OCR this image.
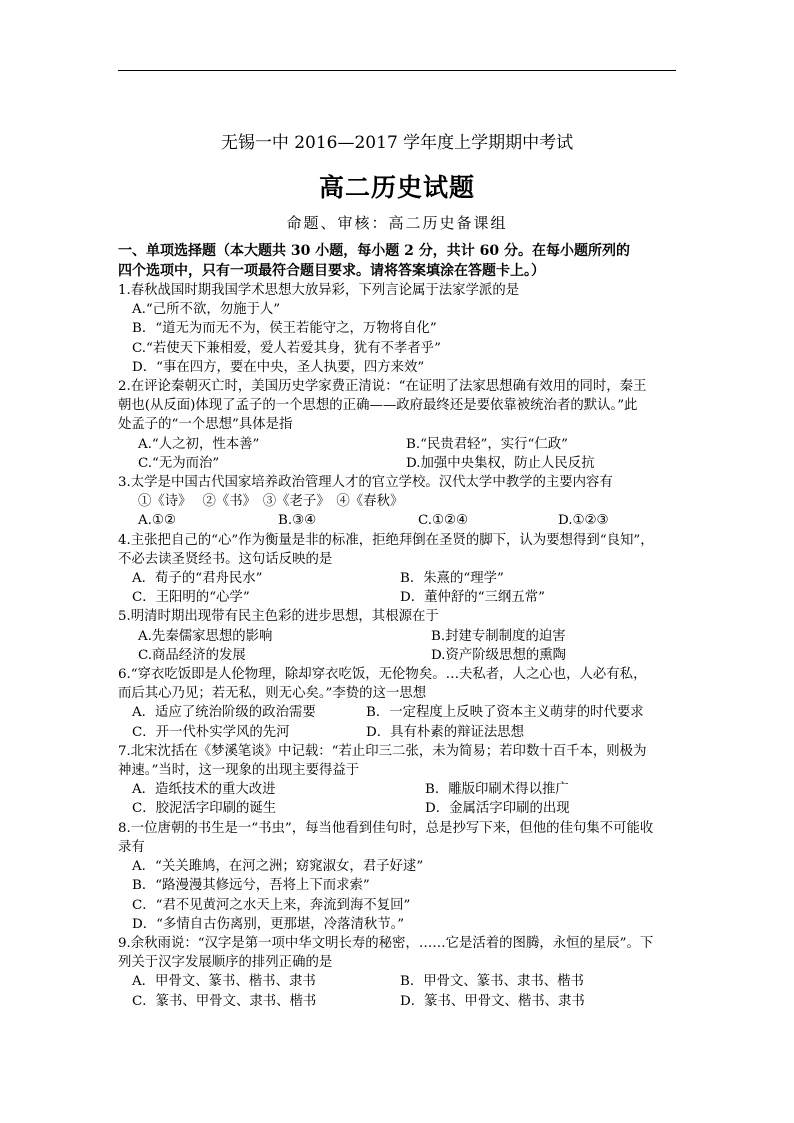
无锡一中 2016—2017 学年度上学期期中考试
高二历史试题
命题、审核：高二历史备课组
一、单项选择题（本大题共 30 小题，每小题 2 分，共计 60 分。在每小题所列的
四个选项中，只有一项最符合题目要求。请将答案填涂在答题卡上。）
1.春秋战国时期我国学术思想大放异彩，下列言论属于法家学派的是
A.“己所不欲，勿施于人”
B．“道无为而无不为，侯王若能守之，万物将自化”
C.“若使天下兼相爱，爱人若爱其身，犹有不孝者乎”
D．“事在四方，要在中央，圣人执要，四方来效”
2.在评论秦朝灭亡时，美国历史学家费正清说：“在证明了法家思想确有效用的同时，秦王
朝也(从反面)体现了孟子的一个思想的正确——政府最终还是要依靠被统治者的默认。”此
处孟子的“一个思想”具体是指
A.“人之初，性本善”	B.“民贵君轻”，实行“仁政”
C.“无为而治”	D.加强中央集权，防止人民反抗
3.太学是中国古代国家培养政治管理人才的官立学校。汉代太学中教学的主要内容有
①《诗》　 ②《书》　③《老子》　④《春秋》
A.①②	B.③④	C.①②④	D.①②③
4.主张把自己的“心”作为衡量是非的标准，拒绝拜倒在圣贤的脚下，认为要想得到“良知”，
不必去读圣贤经书。这句话反映的是
A．荀子的“君舟民水”	B．朱熹的“理学”
C．王阳明的“心学”	D．董仲舒的“三纲五常”
5.明清时期出现带有民主色彩的进步思想，其根源在于
A.先秦儒家思想的影响	B.封建专制制度的迫害
C.商品经济的发展	D.资产阶级思想的熏陶
6.“穿衣吃饭即是人伦物理，除却穿衣吃饭，无伦物矣。…夫私者，人之心也，人必有私，
而后其心乃见；若无私，则无心矣。”李贽的这一思想
A．适应了统治阶级的政治需要	B．一定程度上反映了资本主义萌芽的时代要求
C．开一代朴实学风的先河	D．具有朴素的辩证法思想
7.北宋沈括在《梦溪笔谈》中记载：“若止印三二张，未为简易；若印数十百千本，则极为
神速。”当时，这一现象的出现主要得益于
A．造纸技术的重大改进	B．雕版印刷术得以推广
C．胶泥活字印刷的诞生	D．金属活字印刷的出现
8.一位唐朝的书生是一“书虫”，每当他看到佳句时，总是抄写下来，但他的佳句集不可能收
录有
A．“关关雎鸠，在河之洲；窈窕淑女，君子好逑”
B．“路漫漫其修远兮，吾将上下而求索”
C．“君不见黄河之水天上来，奔流到海不复回”
D．“多情自古伤离别，更那堪，冷落清秋节。”
9.余秋雨说：“汉字是第一项中华文明长寿的秘密，……它是活着的图腾，永恒的星辰”。下
列关于汉字发展顺序的排列正确的是
A．甲骨文、篆书、楷书、隶书	B．甲骨文、篆书、隶书、楷书
C．篆书、甲骨文、隶书、楷书	D．篆书、甲骨文、楷书、隶书
